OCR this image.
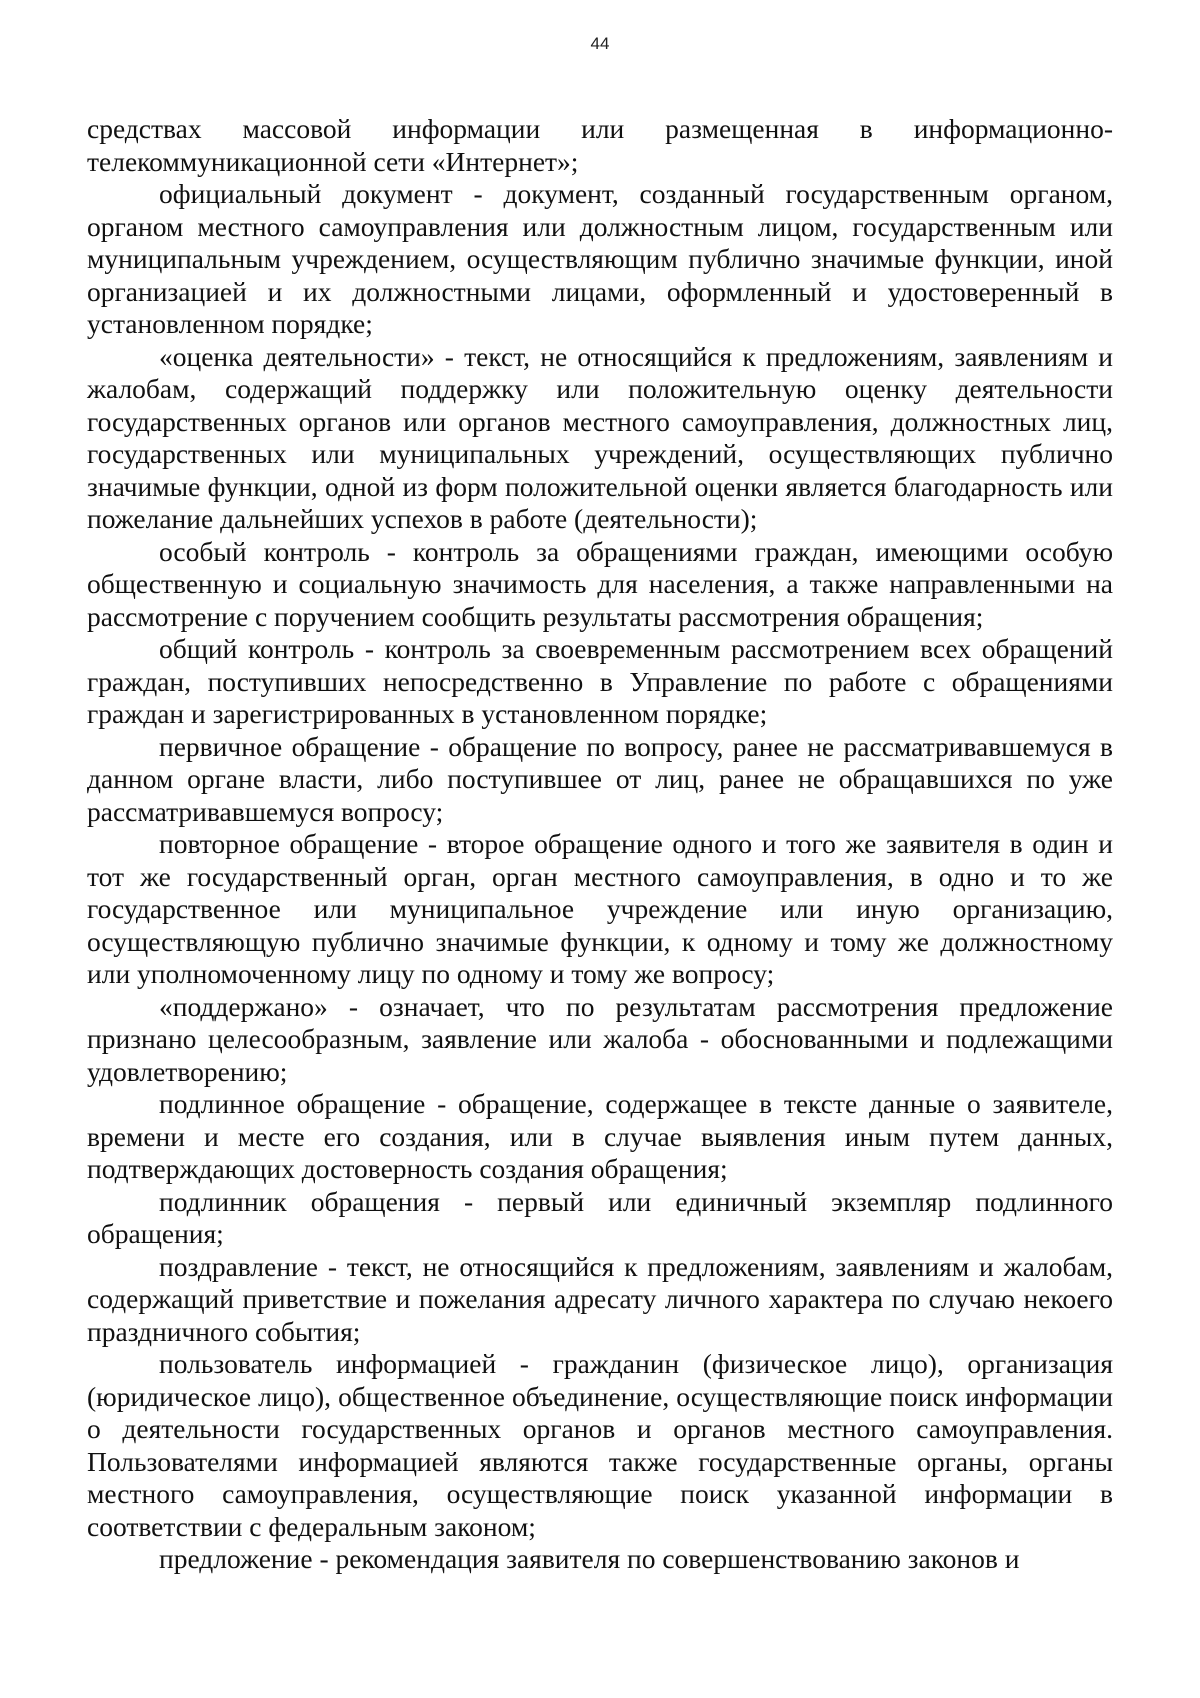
44

средствах массовой информации или размещенная в информационно-телекоммуникационной сети «Интернет»;

официальный документ - документ, созданный государственным органом, органом местного самоуправления или должностным лицом, государственным или муниципальным учреждением, осуществляющим публично значимые функции, иной организацией и их должностными лицами, оформленный и удостоверенный в установленном порядке;

«оценка деятельности» - текст, не относящийся к предложениям, заявлениям и жалобам, содержащий поддержку или положительную оценку деятельности государственных органов или органов местного самоуправления, должностных лиц, государственных или муниципальных учреждений, осуществляющих публично значимые функции, одной из форм положительной оценки является благодарность или пожелание дальнейших успехов в работе (деятельности);

особый контроль - контроль за обращениями граждан, имеющими особую общественную и социальную значимость для населения, а также направленными на рассмотрение с поручением сообщить результаты рассмотрения обращения;

общий контроль - контроль за своевременным рассмотрением всех обращений граждан, поступивших непосредственно в Управление по работе с обращениями граждан и зарегистрированных в установленном порядке;

первичное обращение - обращение по вопросу, ранее не рассматривавшемуся в данном органе власти, либо поступившее от лиц, ранее не обращавшихся по уже рассматривавшемуся вопросу;

повторное обращение - второе обращение одного и того же заявителя в один и тот же государственный орган, орган местного самоуправления, в одно и то же государственное или муниципальное учреждение или иную организацию, осуществляющую публично значимые функции, к одному и тому же должностному или уполномоченному лицу по одному и тому же вопросу;

«поддержано» - означает, что по результатам рассмотрения предложение признано целесообразным, заявление или жалоба - обоснованными и подлежащими удовлетворению;

подлинное обращение - обращение, содержащее в тексте данные о заявителе, времени и месте его создания, или в случае выявления иным путем данных, подтверждающих достоверность создания обращения;

подлинник обращения - первый или единичный экземпляр подлинного обращения;

поздравление - текст, не относящийся к предложениям, заявлениям и жалобам, содержащий приветствие и пожелания адресату личного характера по случаю некоего праздничного события;

пользователь информацией - гражданин (физическое лицо), организация (юридическое лицо), общественное объединение, осуществляющие поиск информации о деятельности государственных органов и органов местного самоуправления. Пользователями информацией являются также государственные органы, органы местного самоуправления, осуществляющие поиск указанной информации в соответствии с федеральным законом;

предложение - рекомендация заявителя по совершенствованию законов и
